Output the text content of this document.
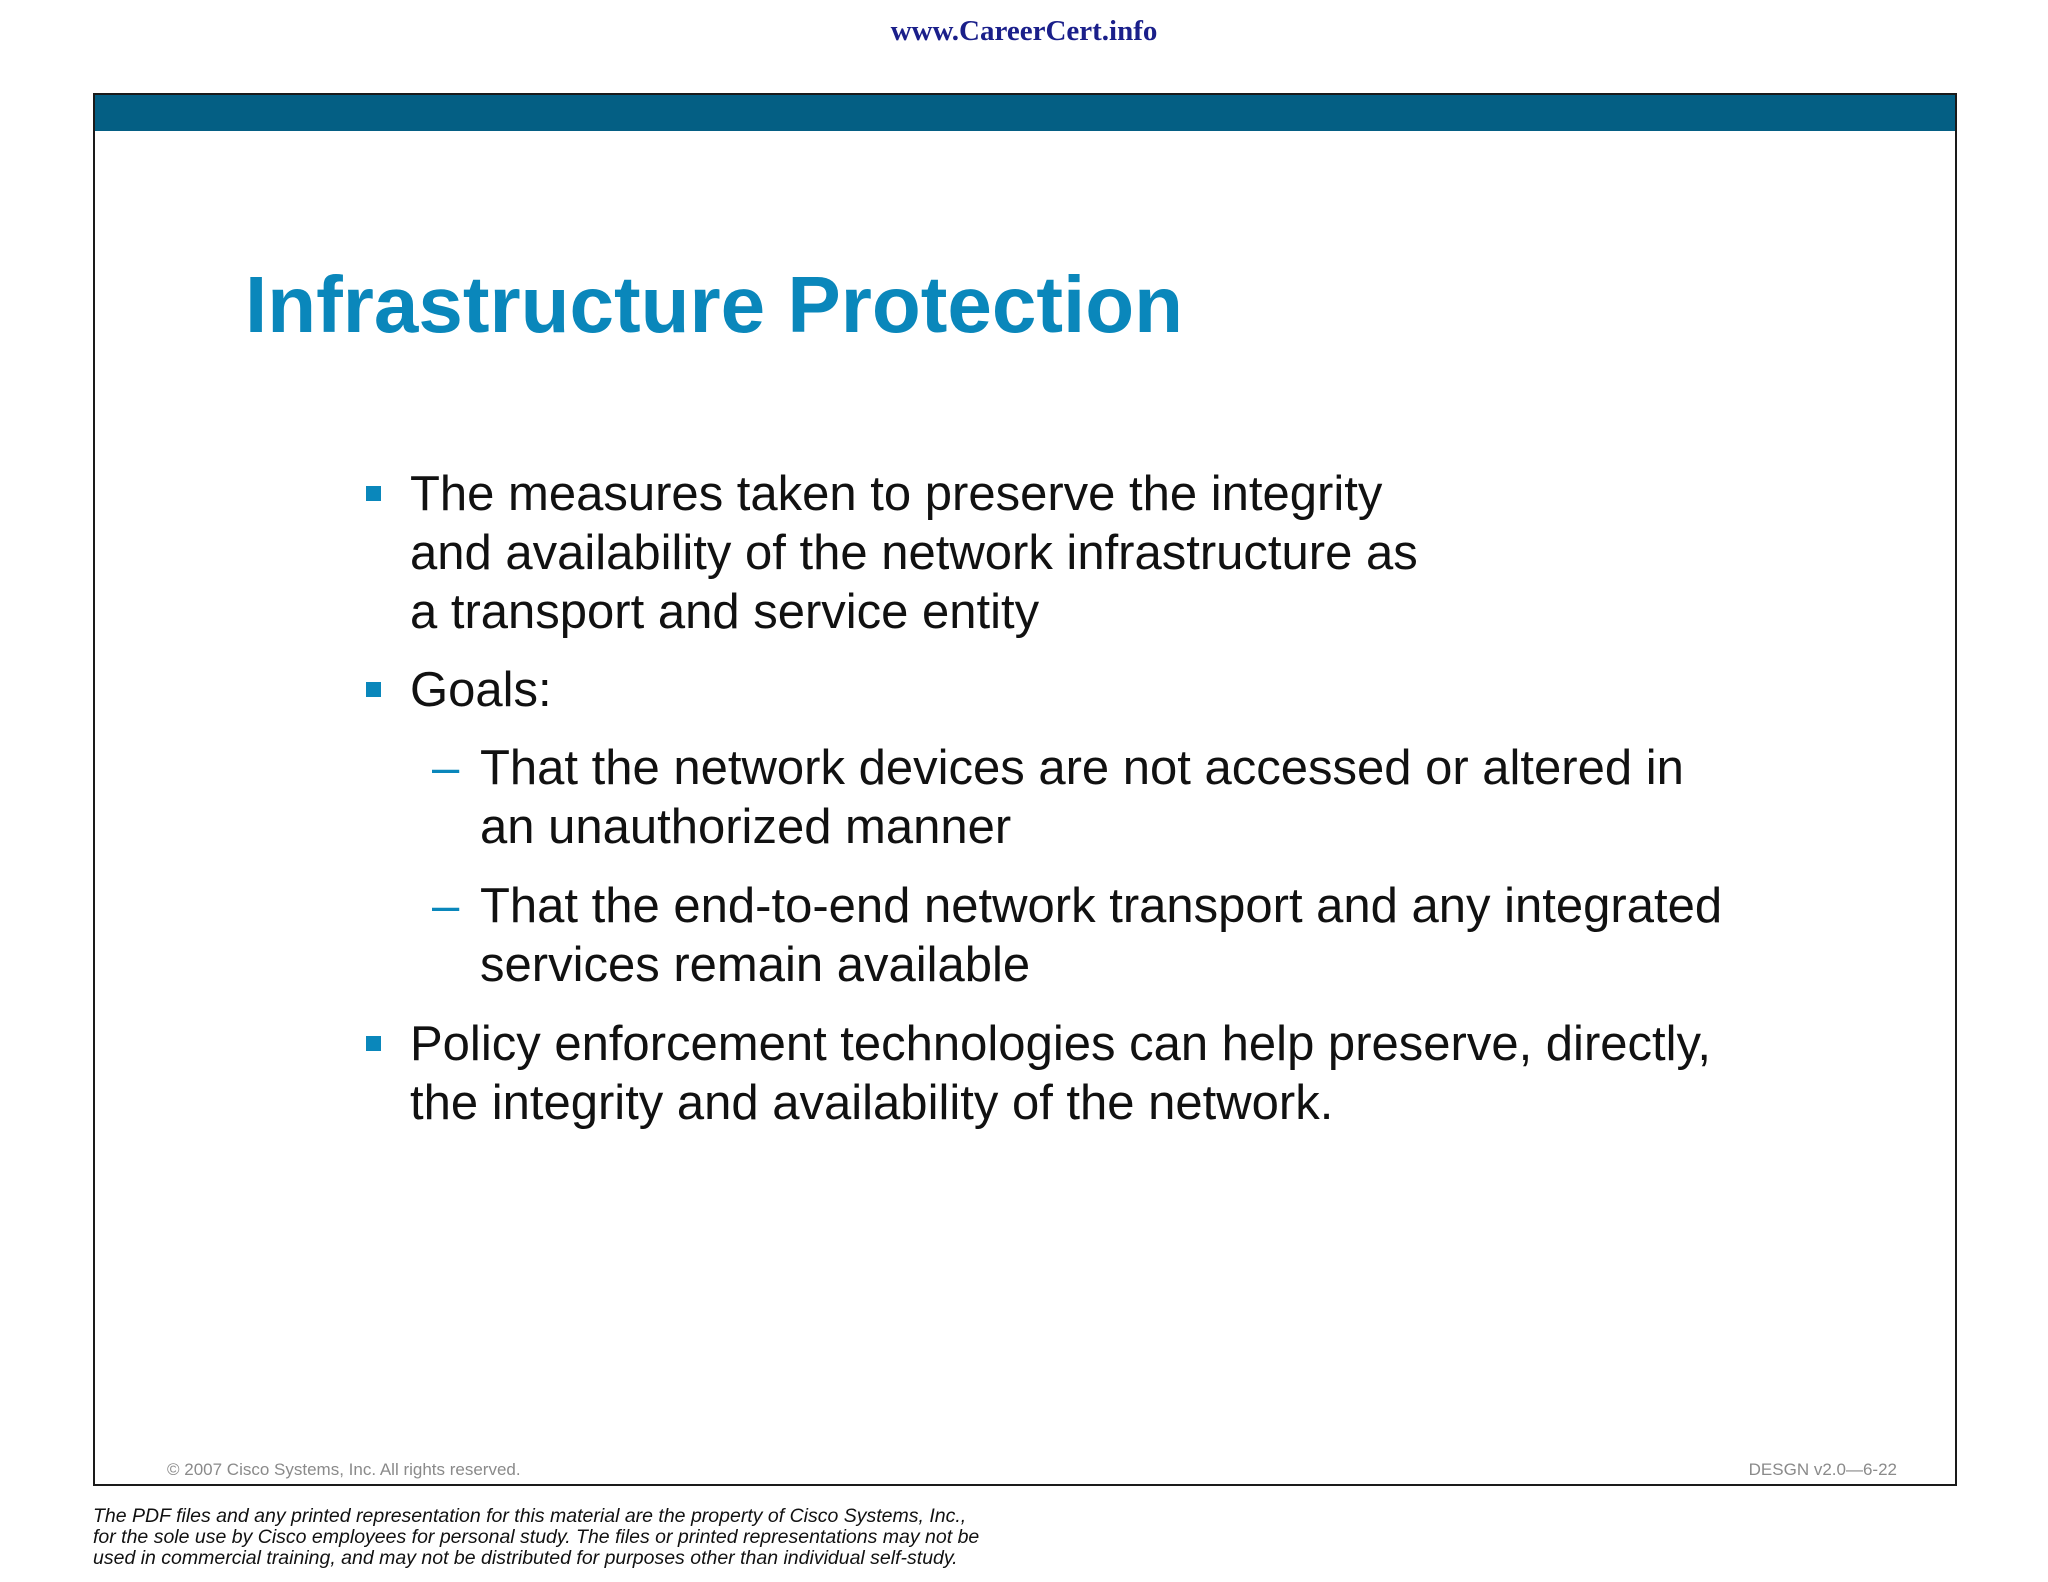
www.CareerCert.info
Infrastructure Protection
The measures taken to preserve the integrity
and availability of the network infrastructure as
a transport and service entity
Goals:
– That the network devices are not accessed or altered in
an unauthorized manner
– That the end-to-end network transport and any integrated
services remain available
Policy enforcement technologies can help preserve, directly,
the integrity and availability of the network.
© 2007 Cisco Systems, Inc. All rights reserved.	DESGN v2.0—6-22
The PDF files and any printed representation for this material are the property of Cisco Systems, Inc.,
for the sole use by Cisco employees for personal study. The files or printed representations may not be
used in commercial training, and may not be distributed for purposes other than individual self-study.
